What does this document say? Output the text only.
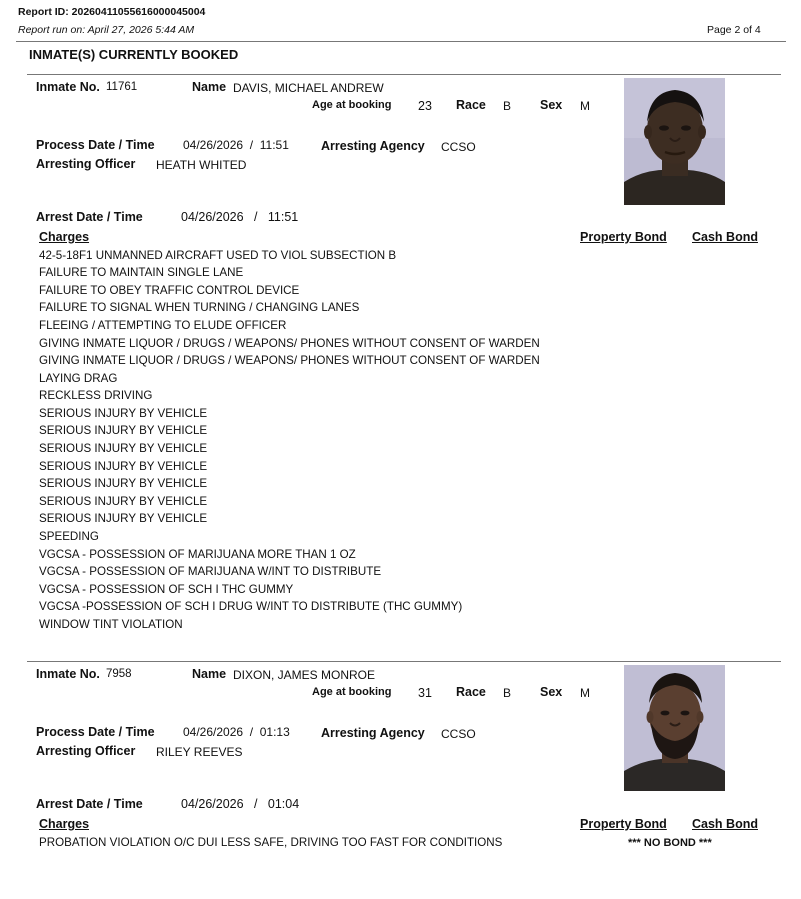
Report ID: 20260411055616000045004
Report run on: April 27, 2026 5:44 AM	Page 2 of 4
INMATE(S) CURRENTLY BOOKED
Inmate No. 11761	Name DAVIS, MICHAEL ANDREW
Age at booking 23 Race B Sex M
Process Date / Time 04/26/2026 / 11:51	Arresting Agency CCSO
Arresting Officer HEATH WHITED
Arrest Date / Time	04/26/2026 / 11:51
Charges	Property Bond Cash Bond
42-5-18F1 UNMANNED AIRCRAFT USED TO VIOL SUBSECTION B
FAILURE TO MAINTAIN SINGLE LANE
FAILURE TO OBEY TRAFFIC CONTROL DEVICE
FAILURE TO SIGNAL WHEN TURNING / CHANGING LANES
FLEEING / ATTEMPTING TO ELUDE OFFICER
GIVING INMATE LIQUOR / DRUGS / WEAPONS/ PHONES WITHOUT CONSENT OF WARDEN
GIVING INMATE LIQUOR / DRUGS / WEAPONS/ PHONES WITHOUT CONSENT OF WARDEN
LAYING DRAG
RECKLESS DRIVING
SERIOUS INJURY BY VEHICLE
SERIOUS INJURY BY VEHICLE
SERIOUS INJURY BY VEHICLE
SERIOUS INJURY BY VEHICLE
SERIOUS INJURY BY VEHICLE
SERIOUS INJURY BY VEHICLE
SERIOUS INJURY BY VEHICLE
SPEEDING
VGCSA - POSSESSION OF MARIJUANA MORE THAN 1 OZ
VGCSA - POSSESSION OF MARIJUANA W/INT TO DISTRIBUTE
VGCSA - POSSESSION OF SCH I THC GUMMY
VGCSA -POSSESSION OF SCH I DRUG W/INT TO DISTRIBUTE (THC GUMMY)
WINDOW TINT VIOLATION
Inmate No. 7958	Name DIXON, JAMES MONROE
Age at booking 31 Race B Sex M
Process Date / Time 04/26/2026 / 01:13 Arresting Agency CCSO
Arresting Officer RILEY REEVES
Arrest Date / Time	04/26/2026 / 01:04
Charges	Property Bond Cash Bond
PROBATION VIOLATION O/C DUI LESS SAFE, DRIVING TOO FAST FOR CONDITIONS	*** NO BOND ***
